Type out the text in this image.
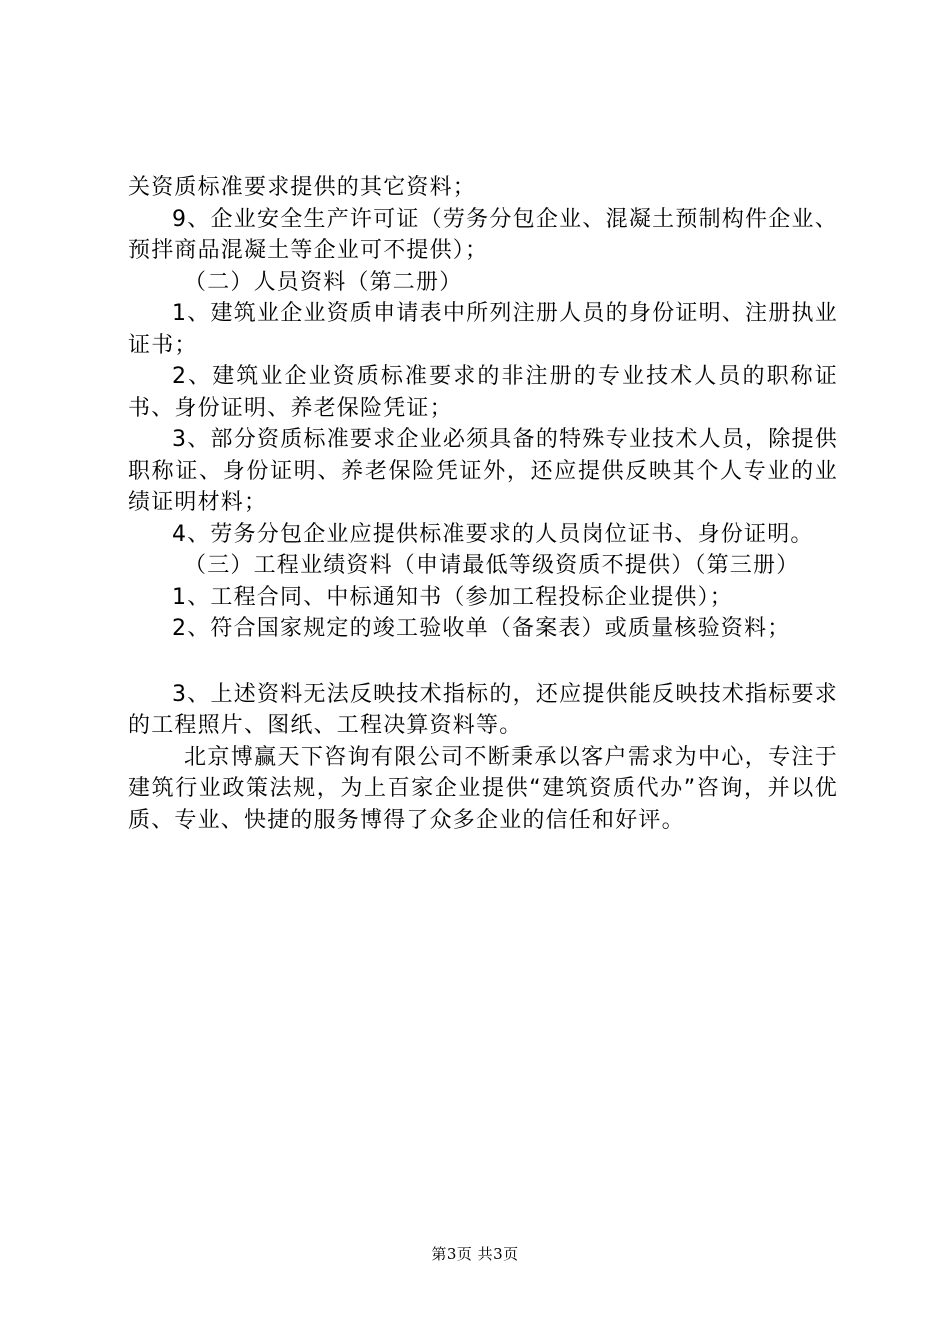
关资质标准要求提供的其它资料；

9、企业安全生产许可证（劳务分包企业、混凝土预制构件企业、预拌商品混凝土等企业可不提供）；

（二）人员资料（第二册）

1、建筑业企业资质申请表中所列注册人员的身份证明、注册执业证书；

2、建筑业企业资质标准要求的非注册的专业技术人员的职称证书、身份证明、养老保险凭证；

3、部分资质标准要求企业必须具备的特殊专业技术人员，除提供职称证、身份证明、养老保险凭证外，还应提供反映其个人专业的业绩证明材料；

4、劳务分包企业应提供标准要求的人员岗位证书、身份证明。

（三）工程业绩资料（申请最低等级资质不提供）（第三册）

1、工程合同、中标通知书（参加工程投标企业提供）；

2、符合国家规定的竣工验收单（备案表）或质量核验资料；

3、上述资料无法反映技术指标的，还应提供能反映技术指标要求的工程照片、图纸、工程决算资料等。

北京博赢天下咨询有限公司不断秉承以客户需求为中心，专注于建筑行业政策法规，为上百家企业提供“建筑资质代办”咨询，并以优质、专业、快捷的服务博得了众多企业的信任和好评。

第3页 共3页
